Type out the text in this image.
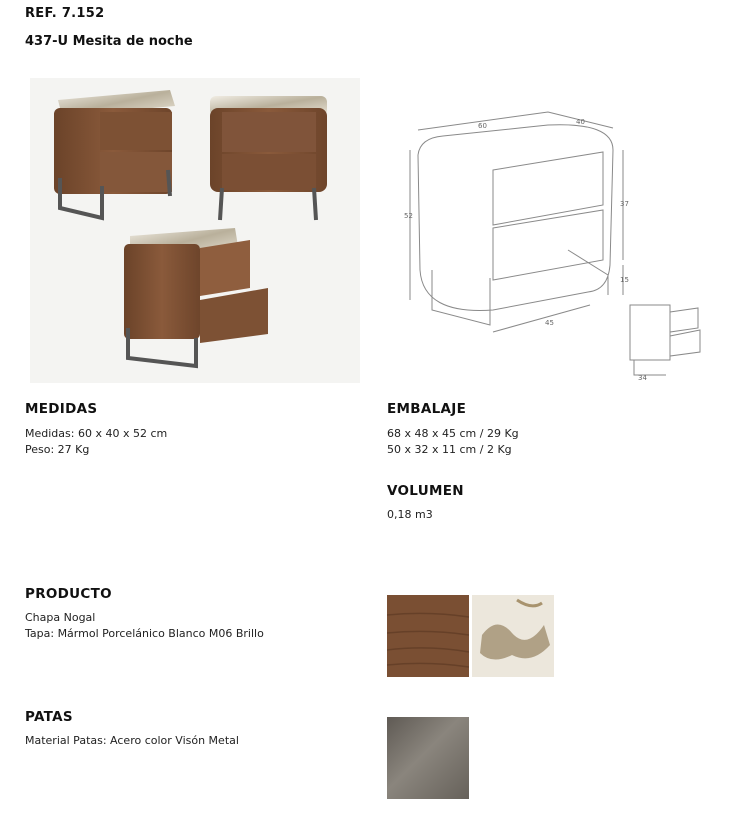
REF. 7.152
437-U Mesita de noche
60	40
52
37
15
45
34
MEDIDAS
Medidas: 60 x 40 x 52 cm
Peso: 27 Kg
EMBALAJE
68 x 48 x 45 cm / 29 Kg
50 x 32 x 11 cm / 2 Kg
VOLUMEN
0,18 m3
PRODUCTO
Chapa Nogal
Tapa: Mármol Porcelánico Blanco M06 Brillo
PATAS
Material Patas: Acero color Visón Metal
